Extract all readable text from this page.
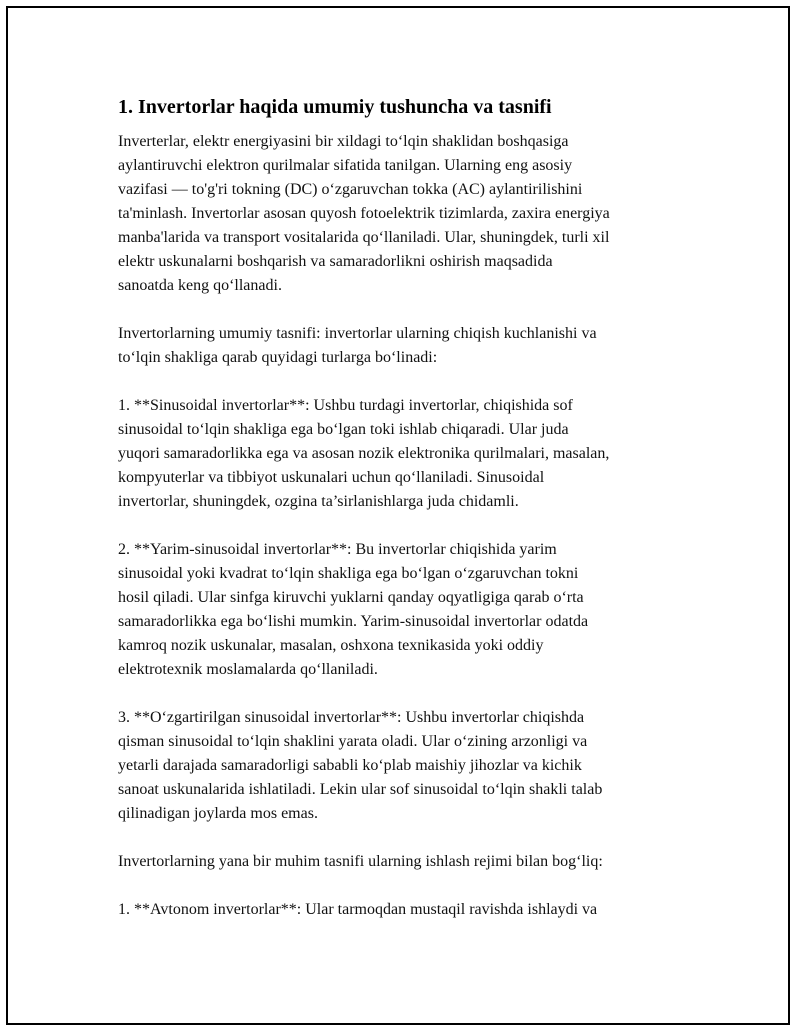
1. Invertorlar haqida umumiy tushuncha va tasnifi

Inverterlar, elektr energiyasini bir xildagi to‘lqin shaklidan boshqasiga
aylantiruvchi elektron qurilmalar sifatida tanilgan. Ularning eng asosiy
vazifasi — to'g'ri tokning (DC) o‘zgaruvchan tokka (AC) aylantirilishini
ta'minlash. Invertorlar asosan quyosh fotoelektrik tizimlarda, zaxira energiya
manba'larida va transport vositalarida qo‘llaniladi. Ular, shuningdek, turli xil
elektr uskunalarni boshqarish va samaradorlikni oshirish maqsadida
sanoatda keng qo‘llanadi.

Invertorlarning umumiy tasnifi: invertorlar ularning chiqish kuchlanishi va
to‘lqin shakliga qarab quyidagi turlarga bo‘linadi:

1. **Sinusoidal invertorlar**: Ushbu turdagi invertorlar, chiqishida sof
sinusoidal to‘lqin shakliga ega bo‘lgan toki ishlab chiqaradi. Ular juda
yuqori samaradorlikka ega va asosan nozik elektronika qurilmalari, masalan,
kompyuterlar va tibbiyot uskunalari uchun qo‘llaniladi. Sinusoidal
invertorlar, shuningdek, ozgina ta’sirlanishlarga juda chidamli.

2. **Yarim-sinusoidal invertorlar**: Bu invertorlar chiqishida yarim
sinusoidal yoki kvadrat to‘lqin shakliga ega bo‘lgan o‘zgaruvchan tokni
hosil qiladi. Ular sinfga kiruvchi yuklarni qanday oqyatligiga qarab o‘rta
samaradorlikka ega bo‘lishi mumkin. Yarim-sinusoidal invertorlar odatda
kamroq nozik uskunalar, masalan, oshxona texnikasida yoki oddiy
elektrotexnik moslamalarda qo‘llaniladi.

3. **O‘zgartirilgan sinusoidal invertorlar**: Ushbu invertorlar chiqishda
qisman sinusoidal to‘lqin shaklini yarata oladi. Ular o‘zining arzonligi va
yetarli darajada samaradorligi sababli ko‘plab maishiy jihozlar va kichik
sanoat uskunalarida ishlatiladi. Lekin ular sof sinusoidal to‘lqin shakli talab
qilinadigan joylarda mos emas.

Invertorlarning yana bir muhim tasnifi ularning ishlash rejimi bilan bog‘liq:

1. **Avtonom invertorlar**: Ular tarmoqdan mustaqil ravishda ishlaydi va
